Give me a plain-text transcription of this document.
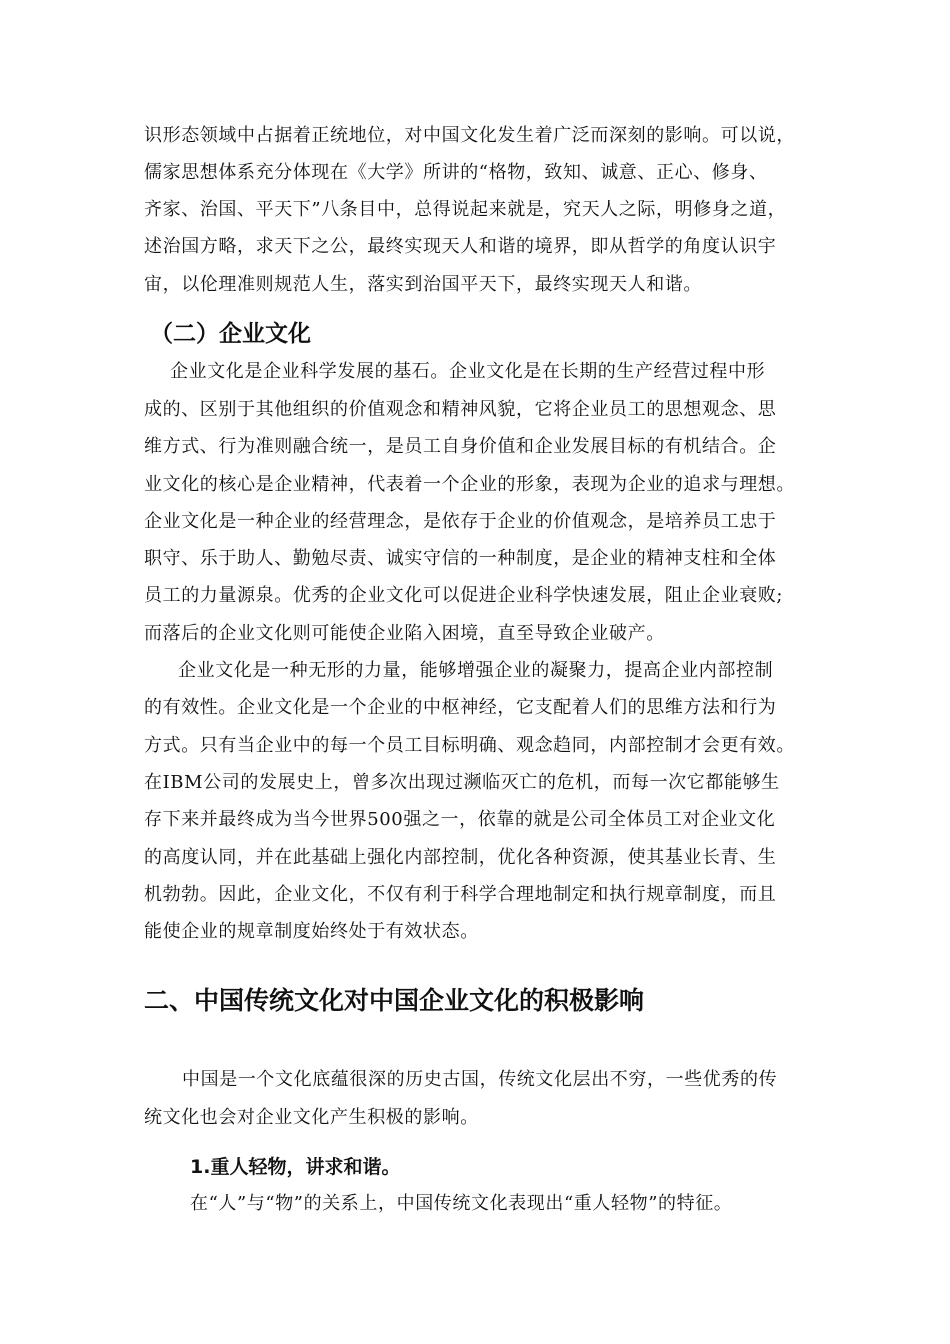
识形态领域中占据着正统地位，对中国文化发生着广泛而深刻的影响。可以说，

儒家思想体系充分体现在《大学》所讲的“格物，致知、诚意、正心、修身、

齐家、治国、平天下”八条目中，总得说起来就是，究天人之际，明修身之道，

述治国方略，求天下之公，最终实现天人和谐的境界，即从哲学的角度认识宇

宙，以伦理准则规范人生，落实到治国平天下，最终实现天人和谐。

（二）企业文化

企业文化是企业科学发展的基石。企业文化是在长期的生产经营过程中形

成的、区别于其他组织的价值观念和精神风貌，它将企业员工的思想观念、思

维方式、行为准则融合统一，是员工自身价值和企业发展目标的有机结合。企

业文化的核心是企业精神，代表着一个企业的形象，表现为企业的追求与理想。

企业文化是一种企业的经营理念，是依存于企业的价值观念，是培养员工忠于

职守、乐于助人、勤勉尽责、诚实守信的一种制度，是企业的精神支柱和全体

员工的力量源泉。优秀的企业文化可以促进企业科学快速发展，阻止企业衰败;

而落后的企业文化则可能使企业陷入困境，直至导致企业破产。

企业文化是一种无形的力量，能够增强企业的凝聚力，提高企业内部控制

的有效性。企业文化是一个企业的中枢神经，它支配着人们的思维方法和行为

方式。只有当企业中的每一个员工目标明确、观念趋同，内部控制才会更有效。

在IBM公司的发展史上，曾多次出现过濒临灭亡的危机，而每一次它都能够生

存下来并最终成为当今世界500强之一，依靠的就是公司全体员工对企业文化

的高度认同，并在此基础上强化内部控制，优化各种资源，使其基业长青、生

机勃勃。因此，企业文化，不仅有利于科学合理地制定和执行规章制度，而且

能使企业的规章制度始终处于有效状态。

二、中国传统文化对中国企业文化的积极影响

中国是一个文化底蕴很深的历史古国，传统文化层出不穷，一些优秀的传

统文化也会对企业文化产生积极的影响。

1.重人轻物，讲求和谐。

在“人”与“物”的关系上，中国传统文化表现出“重人轻物”的特征。
